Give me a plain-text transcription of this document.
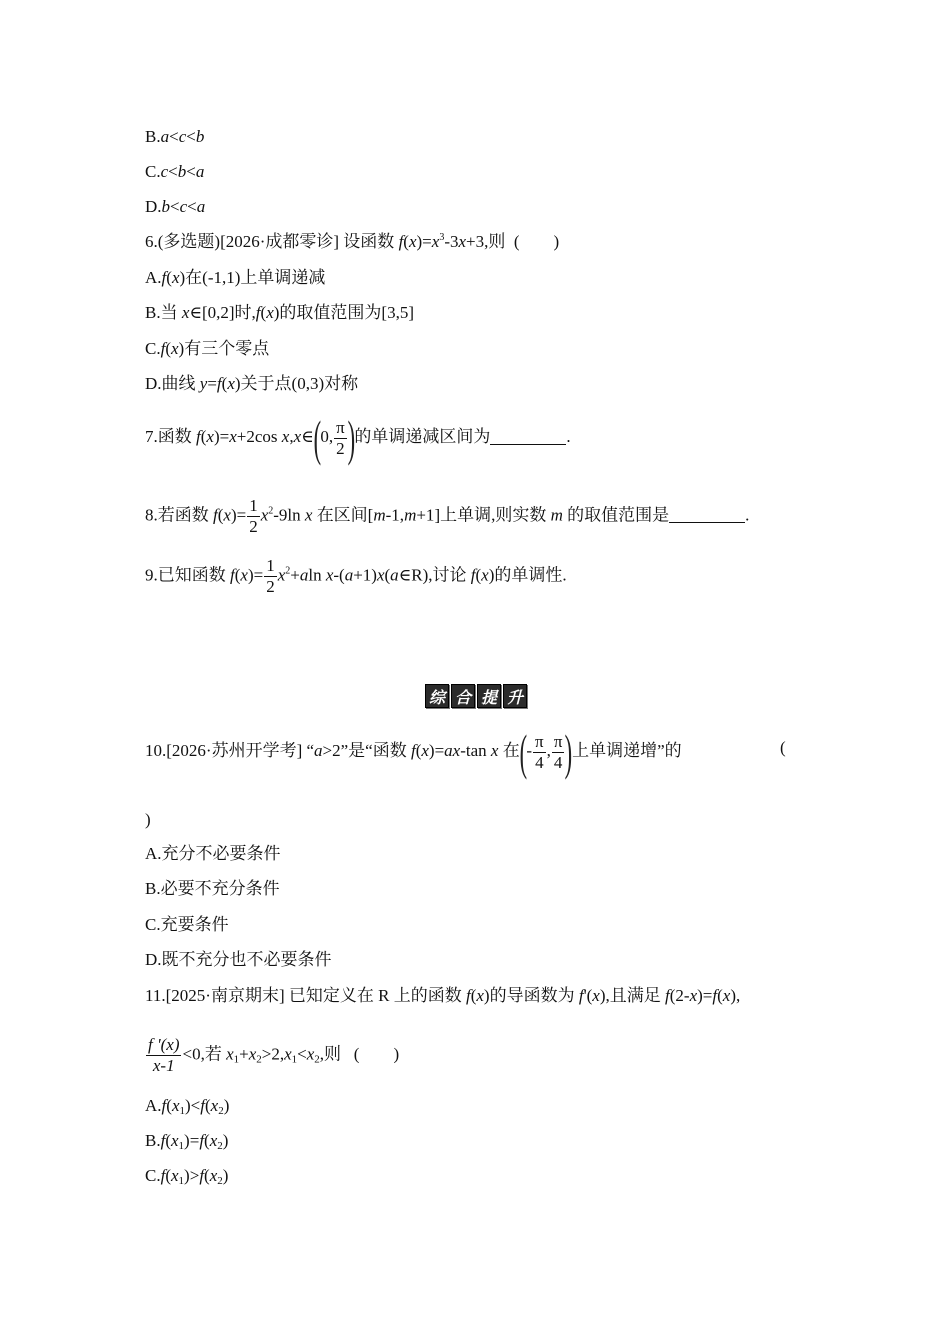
B.a<c<b
C.c<b<a
D.b<c<a
6.(多选题)[2026·成都零诊] 设函数 $f(x)=x^3-3x+3$,则 (　　)
A.f(x)在(-1,1)上单调递减
B.当 x∈[0,2]时,f(x)的取值范围为[3,5]
C.f(x)有三个零点
D.曲线 y=f(x)关于点(0,3)对称
7.函数 f(x)=x+2cos x,x∈(0, $\frac{\pi}{2}$ )的单调递减区间为	.
8.若函数 $f(x)= \frac{1}{2} x^2-9\ln$ x 在区间[m-1,m+1]上单调,则实数 m 的取值范围是	.
9.已知函数 $f(x)= \frac{1}{2} x^2+aln$ x-(a+1)x(a∈R),讨论 f(x)的单调性.
综 合 提 升
10.[2026·苏州开学考] “a>2”是“函数 f(x)=ax-tan x 在(- $\frac{\pi}{4}$ , $\frac{\pi}{4}$ )上单调递增”的	(
)
A.充分不必要条件
B.必要不充分条件
C.充要条件
D.既不充分也不必要条件
11.[2025·南京期末] 已知定义在 R 上的函数 f(x)的导函数为 f'(x),且满足 f(2-x)=f(x),
$\frac{f '(x)}{x-1} <0$,若 $x_1+x_2>2,x_1<x_2$,则   (　　)
$A.f(x_1)<f(x_2)$
$B.f(x_1)=f(x_2)$
$C.f(x_1)>f(x_2)$
